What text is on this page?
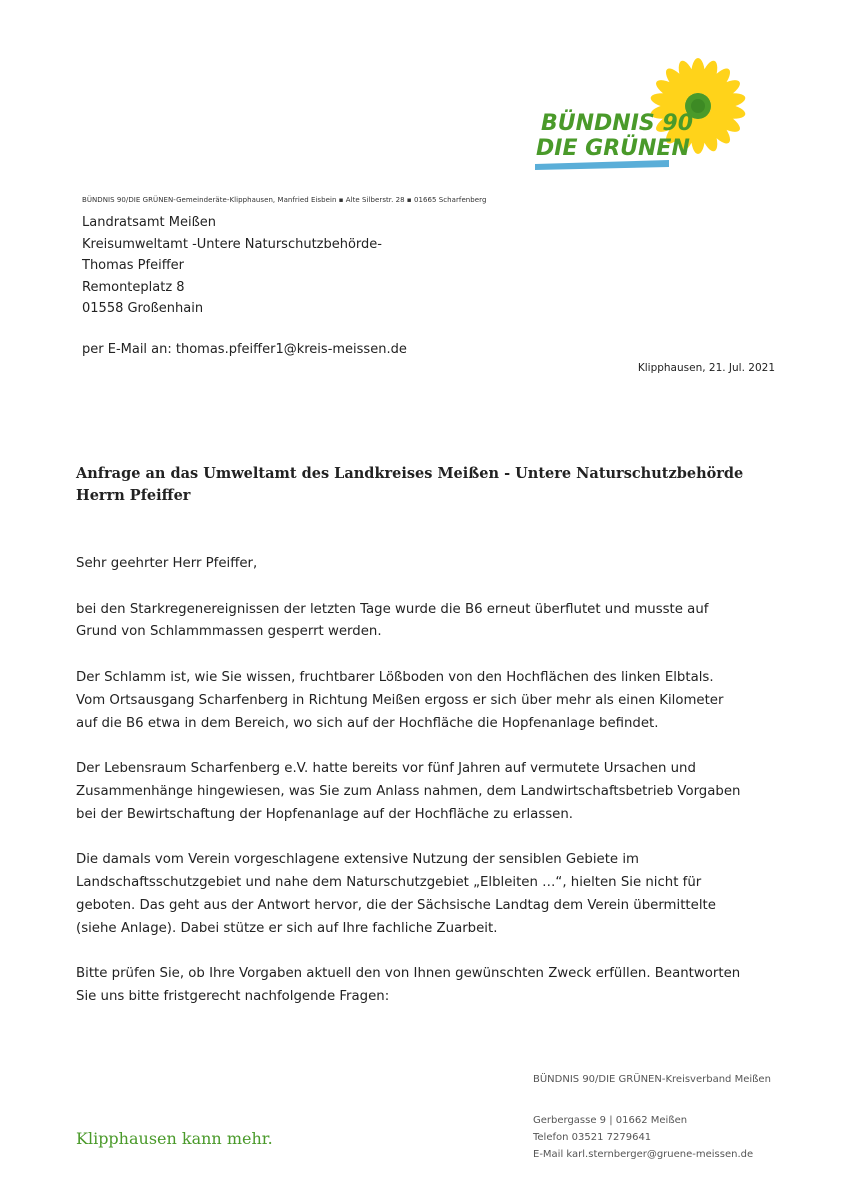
BÜNDNIS 90
DIE GRÜNEN
BÜNDNIS 90/DIE GRÜNEN-Gemeinderäte-Klipphausen, Manfried Eisbein ▪ Alte Silberstr. 28 ▪ 01665 Scharfenberg
Landratsamt Meißen
Kreisumweltamt -Untere Naturschutzbehörde-
Thomas Pfeiffer
Remonteplatz 8
01558 Großenhain
per E-Mail an: thomas.pfeiffer1@kreis-meissen.de
Klipphausen, 21. Jul. 2021
Anfrage an das Umweltamt des Landkreises Meißen - Untere Naturschutzbehörde
Herrn Pfeiffer

Sehr geehrter Herr Pfeiffer,

bei den Starkregenereignissen der letzten Tage wurde die B6 erneut überflutet und musste auf
Grund von Schlammmassen gesperrt werden.

Der Schlamm ist, wie Sie wissen, fruchtbarer Lößboden von den Hochflächen des linken Elbtals.
Vom Ortsausgang Scharfenberg in Richtung Meißen ergoss er sich über mehr als einen Kilometer
auf die B6 etwa in dem Bereich, wo sich auf der Hochfläche die Hopfenanlage befindet.

Der Lebensraum Scharfenberg e.V. hatte bereits vor fünf Jahren auf vermutete Ursachen und
Zusammenhänge hingewiesen, was Sie zum Anlass nahmen, dem Landwirtschaftsbetrieb Vorgaben
bei der Bewirtschaftung der Hopfenanlage auf der Hochfläche zu erlassen.

Die damals vom Verein vorgeschlagene extensive Nutzung der sensiblen Gebiete im
Landschaftsschutzgebiet und nahe dem Naturschutzgebiet „Elbleiten …“, hielten Sie nicht für
geboten. Das geht aus der Antwort hervor, die der Sächsische Landtag dem Verein übermittelte
(siehe Anlage). Dabei stütze er sich auf Ihre fachliche Zuarbeit.

Bitte prüfen Sie, ob Ihre Vorgaben aktuell den von Ihnen gewünschten Zweck erfüllen. Beantworten
Sie uns bitte fristgerecht nachfolgende Fragen:

BÜNDNIS 90/DIE GRÜNEN-Kreisverband Meißen
Gerbergasse 9 | 01662 Meißen
Telefon 03521 7279641
E-Mail karl.sternberger@gruene-meissen.de
Klipphausen kann mehr.
